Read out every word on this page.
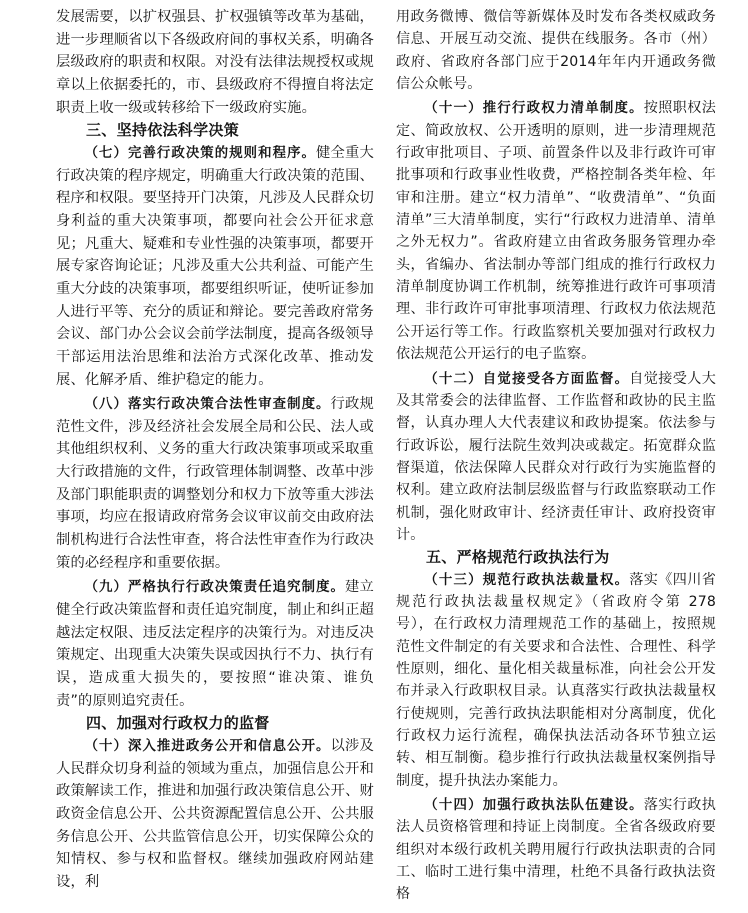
发展需要，以扩权强县、扩权强镇等改革为基础，进一步理顺省以下各级政府间的事权关系，明确各层级政府的职责和权限。对没有法律法规授权或规章以上依据委托的，市、县级政府不得擅自将法定职责上收一级或转移给下一级政府实施。

三、坚持依法科学决策

（七）完善行政决策的规则和程序。健全重大行政决策的程序规定，明确重大行政决策的范围、程序和权限。要坚持开门决策，凡涉及人民群众切身利益的重大决策事项，都要向社会公开征求意见；凡重大、疑难和专业性强的决策事项，都要开展专家咨询论证；凡涉及重大公共利益、可能产生重大分歧的决策事项，都要组织听证，使听证参加人进行平等、充分的质证和辩论。要完善政府常务会议、部门办公会议会前学法制度，提高各级领导干部运用法治思维和法治方式深化改革、推动发展、化解矛盾、维护稳定的能力。

（八）落实行政决策合法性审查制度。行政规范性文件，涉及经济社会发展全局和公民、法人或其他组织权利、义务的重大行政决策事项或采取重大行政措施的文件，行政管理体制调整、改革中涉及部门职能职责的调整划分和权力下放等重大涉法事项，均应在报请政府常务会议审议前交由政府法制机构进行合法性审查，将合法性审查作为行政决策的必经程序和重要依据。

（九）严格执行行政决策责任追究制度。建立健全行政决策监督和责任追究制度，制止和纠正超越法定权限、违反法定程序的决策行为。对违反决策规定、出现重大决策失误或因执行不力、执行有误，造成重大损失的，要按照“谁决策、谁负责”的原则追究责任。

四、加强对行政权力的监督

（十）深入推进政务公开和信息公开。以涉及人民群众切身利益的领域为重点，加强信息公开和政策解读工作，推进和加强行政决策信息公开、财政资金信息公开、公共资源配置信息公开、公共服务信息公开、公共监管信息公开，切实保障公众的知情权、参与权和监督权。继续加强政府网站建设，利

用政务微博、微信等新媒体及时发布各类权威政务信息、开展互动交流、提供在线服务。各市（州）政府、省政府各部门应于2014年年内开通政务微信公众帐号。

（十一）推行行政权力清单制度。按照职权法定、简政放权、公开透明的原则，进一步清理规范行政审批项目、子项、前置条件以及非行政许可审批事项和行政事业性收费，严格控制各类年检、年审和注册。建立“权力清单”、“收费清单”、“负面清单”三大清单制度，实行“行政权力进清单、清单之外无权力”。省政府建立由省政务服务管理办牵头，省编办、省法制办等部门组成的推行行政权力清单制度协调工作机制，统筹推进行政许可事项清理、非行政许可审批事项清理、行政权力依法规范公开运行等工作。行政监察机关要加强对行政权力依法规范公开运行的电子监察。

（十二）自觉接受各方面监督。自觉接受人大及其常委会的法律监督、工作监督和政协的民主监督，认真办理人大代表建议和政协提案。依法参与行政诉讼，履行法院生效判决或裁定。拓宽群众监督渠道，依法保障人民群众对行政行为实施监督的权利。建立政府法制层级监督与行政监察联动工作机制，强化财政审计、经济责任审计、政府投资审计。

五、严格规范行政执法行为

（十三）规范行政执法裁量权。落实《四川省规范行政执法裁量权规定》（省政府令第 278 号），在行政权力清理规范工作的基础上，按照规范性文件制定的有关要求和合法性、合理性、科学性原则，细化、量化相关裁量标准，向社会公开发布并录入行政职权目录。认真落实行政执法裁量权行使规则，完善行政执法职能相对分离制度，优化行政权力运行流程，确保执法活动各环节独立运转、相互制衡。稳步推行行政执法裁量权案例指导制度，提升执法办案能力。

（十四）加强行政执法队伍建设。落实行政执法人员资格管理和持证上岗制度。全省各级政府要组织对本级行政机关聘用履行行政执法职责的合同工、临时工进行集中清理，杜绝不具备行政执法资格
